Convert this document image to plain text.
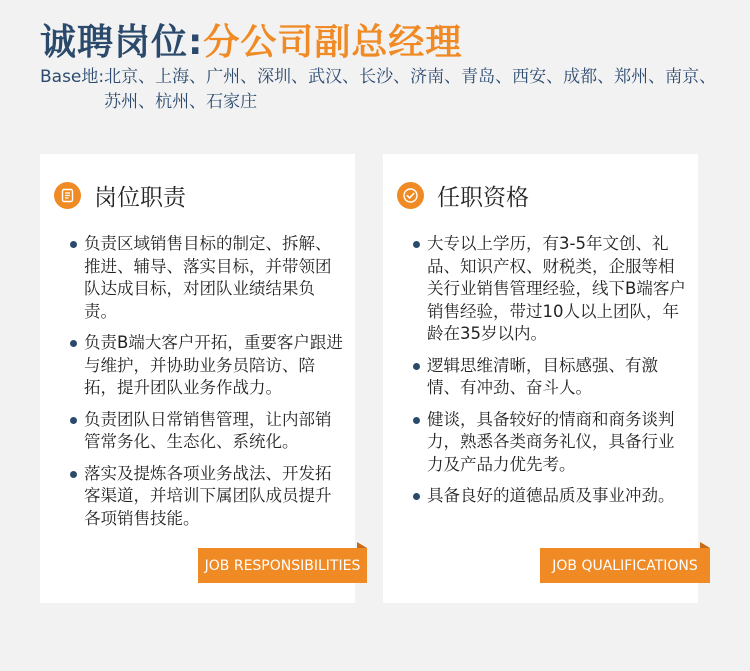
诚聘岗位:分公司副总经理
Base地: 北京、上海、广州、深圳、武汉、长沙、济南、青岛、西安、成都、郑州、南京、苏州、杭州、石家庄
岗位职责
负责区域销售目标的制定、拆解、推进、辅导、落实目标，并带领团队达成目标，对团队业绩结果负责。
负责B端大客户开拓，重要客户跟进与维护，并协助业务员陪访、陪拓，提升团队业务作战力。
负责团队日常销售管理，让内部销管常务化、生态化、系统化。
落实及提炼各项业务战法、开发拓客渠道，并培训下属团队成员提升各项销售技能。
JOB RESPONSIBILITIES
任职资格
大专以上学历，有3-5年文创、礼品、知识产权、财税类，企服等相关行业销售管理经验，线下B端客户销售经验，带过10人以上团队，年龄在35岁以内。
逻辑思维清晰，目标感强、有激情、有冲劲、奋斗人。
健谈，具备较好的情商和商务谈判力，熟悉各类商务礼仪，具备行业力及产品力优先考。
具备良好的道德品质及事业冲劲。
JOB QUALIFICATIONS
